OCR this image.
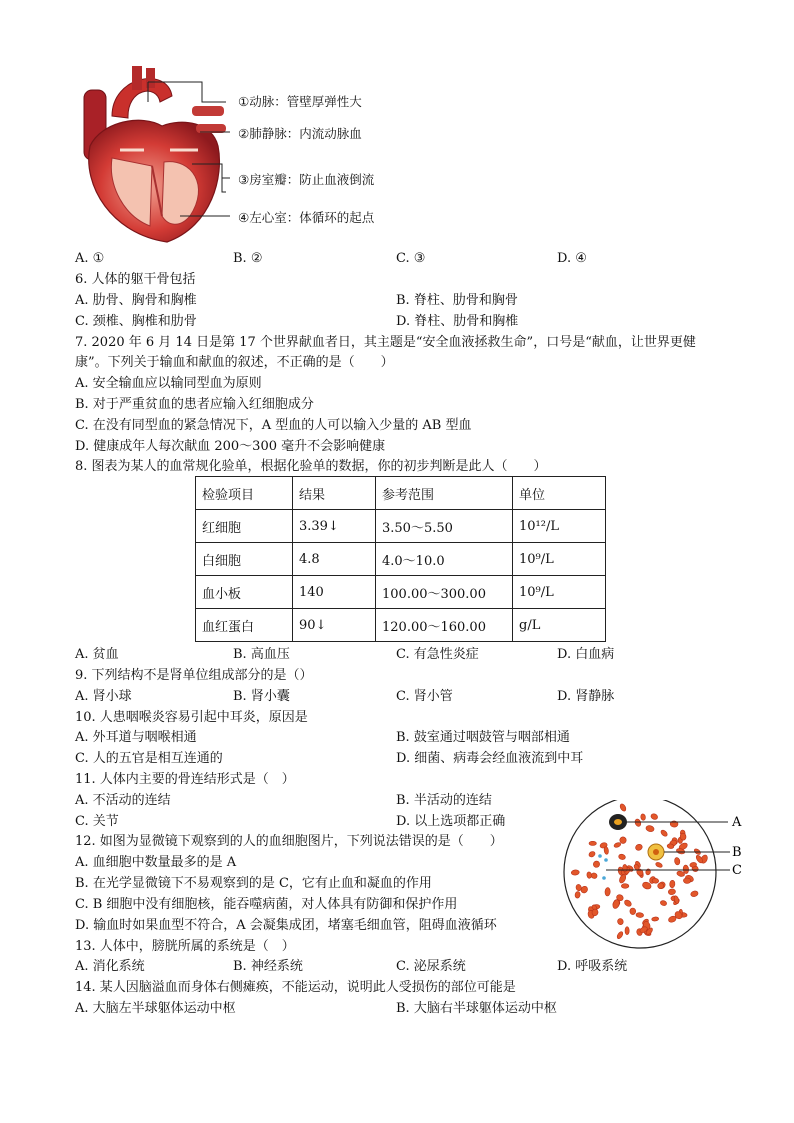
①动脉：管壁厚弹性大
②肺静脉：内流动脉血
③房室瓣：防止血液倒流
④左心室：体循环的起点
A. ①	B. ②	C. ③	D. ④
6. 人体的躯干骨包括
A. 肋骨、胸骨和胸椎	B. 脊柱、肋骨和胸骨
C. 颈椎、胸椎和肋骨	D. 脊柱、肋骨和胸椎
7. 2020 年 6 月 14 日是第 17 个世界献血者日，其主题是“安全血液拯救生命”，口号是“献血，让世界更健
康”。下列关于输血和献血的叙述，不正确的是（　　）
A. 安全输血应以输同型血为原则
B. 对于严重贫血的患者应输入红细胞成分
C. 在没有同型血的紧急情况下，A 型血的人可以输入少量的 AB 型血
D. 健康成年人每次献血 200～300 毫升不会影响健康
8. 图表为某人的血常规化验单，根据化验单的数据，你的初步判断是此人（　　）
检验项目	结果	参考范围	单位
红细胞	3.39↓	3.50～5.50	10¹²/L
白细胞	4.8	4.0～10.0	10⁹/L
血小板	140	100.00～300.00	10⁹/L
血红蛋白	90↓	120.00～160.00	g/L
A. 贫血	B. 高血压	C. 有急性炎症	D. 白血病
9. 下列结构不是肾单位组成部分的是（）
A. 肾小球	B. 肾小囊	C. 肾小管	D. 肾静脉
10. 人患咽喉炎容易引起中耳炎，原因是
A. 外耳道与咽喉相通	B. 鼓室通过咽鼓管与咽部相通
C. 人的五官是相互连通的	D. 细菌、病毒会经血液流到中耳
11. 人体内主要的骨连结形式是（　）
A. 不活动的连结	B. 半活动的连结
C. 关节	D. 以上选项都正确
12. 如图为显微镜下观察到的人的血细胞图片，下列说法错误的是（　　）
A. 血细胞中数量最多的是 A
B. 在光学显微镜下不易观察到的是 C，它有止血和凝血的作用
C. B 细胞中没有细胞核，能吞噬病菌，对人体具有防御和保护作用
D. 输血时如果血型不符合，A 会凝集成团，堵塞毛细血管，阻碍血液循环
A
B
C
13. 人体中，膀胱所属的系统是（　）
A. 消化系统	B. 神经系统	C. 泌尿系统	D. 呼吸系统
14. 某人因脑溢血而身体右侧瘫痪，不能运动，说明此人受损伤的部位可能是
A. 大脑左半球躯体运动中枢	B. 大脑右半球躯体运动中枢
